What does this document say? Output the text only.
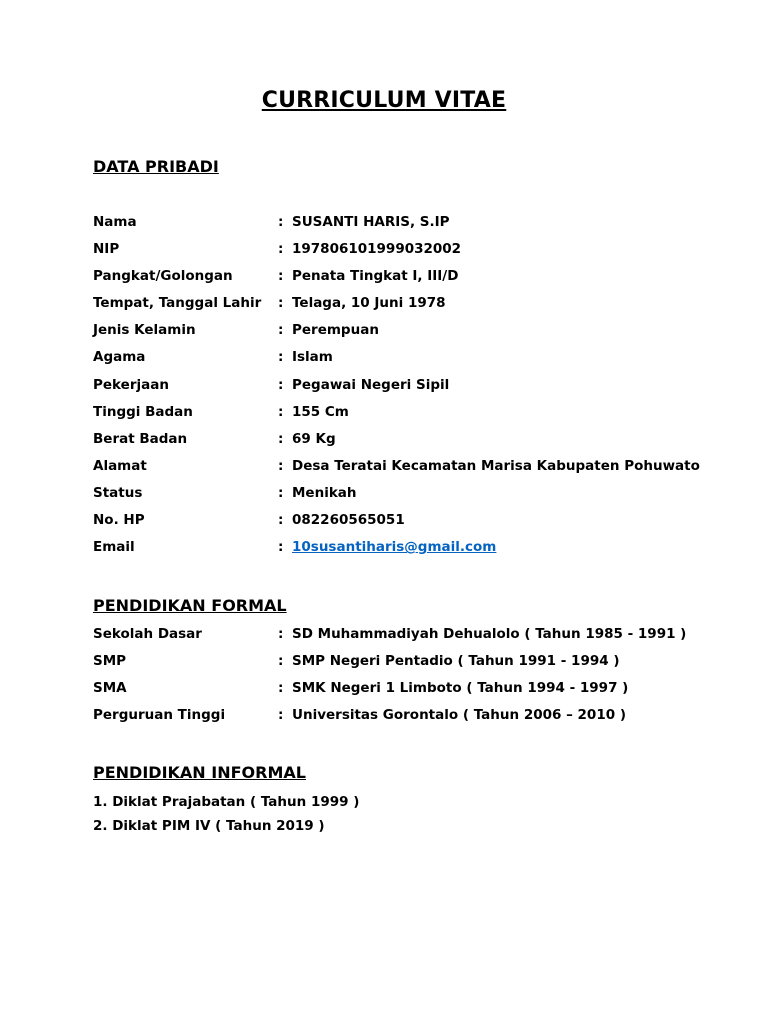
CURRICULUM VITAE
DATA PRIBADI
Nama	: SUSANTI HARIS, S.IP
NIP	: 197806101999032002
Pangkat/Golongan	: Penata Tingkat I, III/D
Tempat, Tanggal Lahir : Telaga, 10 Juni 1978
Jenis Kelamin	: Perempuan
Agama	: Islam
Pekerjaan	: Pegawai Negeri Sipil
Tinggi Badan	: 155 Cm
Berat Badan	: 69 Kg
Alamat	: Desa Teratai Kecamatan Marisa Kabupaten Pohuwato
Status	: Menikah
No. HP	: 082260565051
Email	: 10susantiharis@gmail.com
PENDIDIKAN FORMAL
Sekolah Dasar	: SD Muhammadiyah Dehualolo ( Tahun 1985 - 1991 )
SMP	: SMP Negeri Pentadio ( Tahun 1991 - 1994 )
SMA	: SMK Negeri 1 Limboto ( Tahun 1994 - 1997 )
Perguruan Tinggi	: Universitas Gorontalo ( Tahun 2006 – 2010 )
PENDIDIKAN INFORMAL
1. Diklat Prajabatan ( Tahun 1999 )
2. Diklat PIM IV ( Tahun 2019 )
